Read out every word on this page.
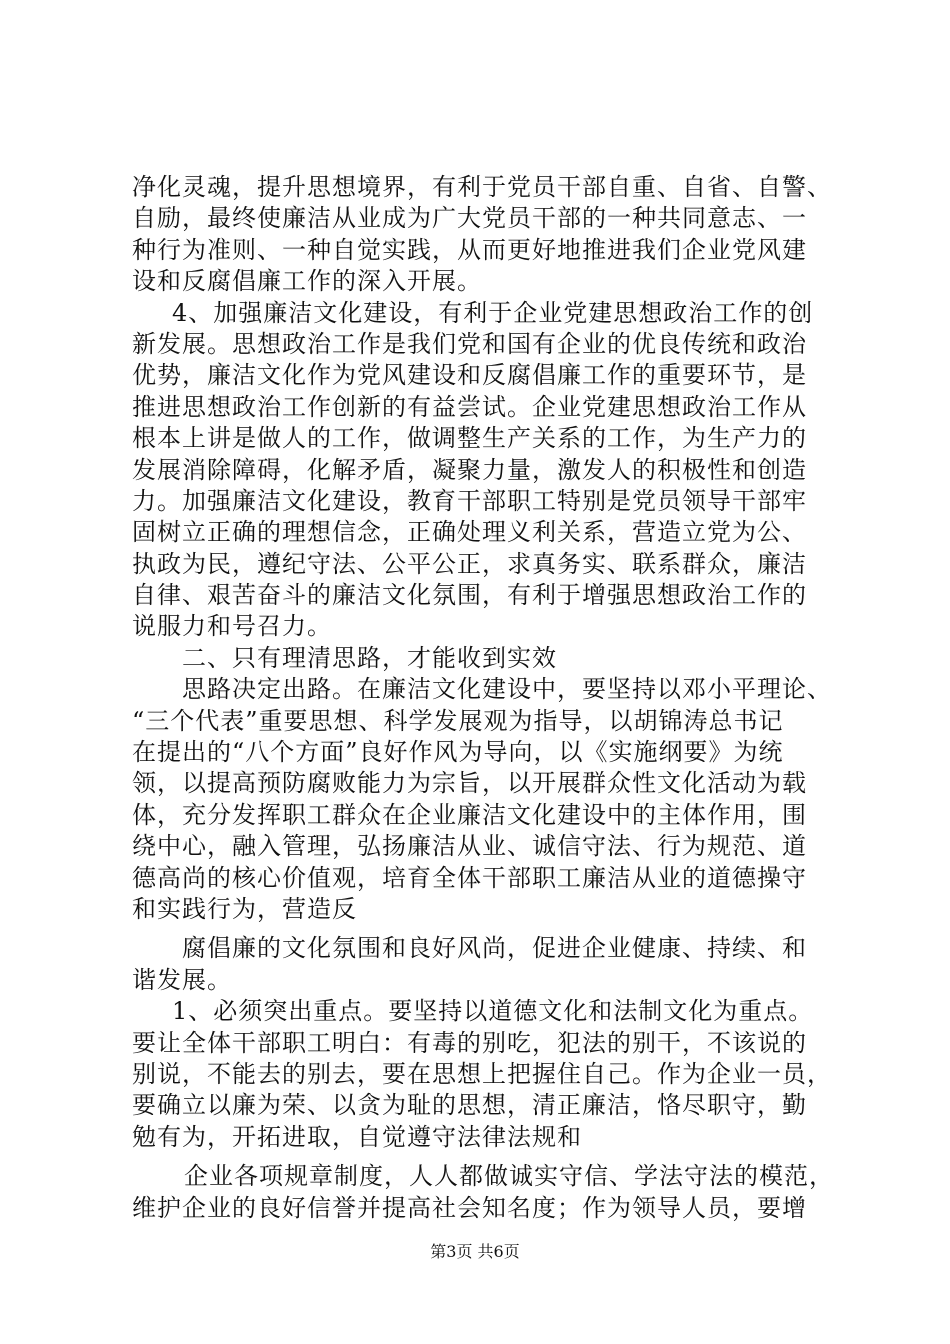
净化灵魂，提升思想境界，有利于党员干部自重、自省、自警、
自励，最终使廉洁从业成为广大党员干部的一种共同意志、一
种行为准则、一种自觉实践，从而更好地推进我们企业党风建
设和反腐倡廉工作的深入开展。
4、加强廉洁文化建设，有利于企业党建思想政治工作的创
新发展。思想政治工作是我们党和国有企业的优良传统和政治
优势，廉洁文化作为党风建设和反腐倡廉工作的重要环节，是
推进思想政治工作创新的有益尝试。企业党建思想政治工作从
根本上讲是做人的工作，做调整生产关系的工作，为生产力的
发展消除障碍，化解矛盾，凝聚力量，激发人的积极性和创造
力。加强廉洁文化建设，教育干部职工特别是党员领导干部牢
固树立正确的理想信念，正确处理义利关系，营造立党为公、
执政为民，遵纪守法、公平公正，求真务实、联系群众，廉洁
自律、艰苦奋斗的廉洁文化氛围，有利于增强思想政治工作的
说服力和号召力。
二、只有理清思路，才能收到实效
思路决定出路。在廉洁文化建设中，要坚持以邓小平理论、
“三个代表”重要思想、科学发展观为指导，以胡锦涛总书记
在提出的“八个方面”良好作风为导向，以《实施纲要》为统
领，以提高预防腐败能力为宗旨，以开展群众性文化活动为载
体，充分发挥职工群众在企业廉洁文化建设中的主体作用，围
绕中心，融入管理，弘扬廉洁从业、诚信守法、行为规范、道
德高尚的核心价值观，培育全体干部职工廉洁从业的道德操守
和实践行为，营造反
腐倡廉的文化氛围和良好风尚，促进企业健康、持续、和
谐发展。
1、必须突出重点。要坚持以道德文化和法制文化为重点。
要让全体干部职工明白：有毒的别吃，犯法的别干，不该说的
别说，不能去的别去，要在思想上把握住自己。作为企业一员，
要确立以廉为荣、以贪为耻的思想，清正廉洁，恪尽职守，勤
勉有为，开拓进取，自觉遵守法律法规和
企业各项规章制度，人人都做诚实守信、学法守法的模范，
维护企业的良好信誉并提高社会知名度；作为领导人员，要增
第3页 共6页
